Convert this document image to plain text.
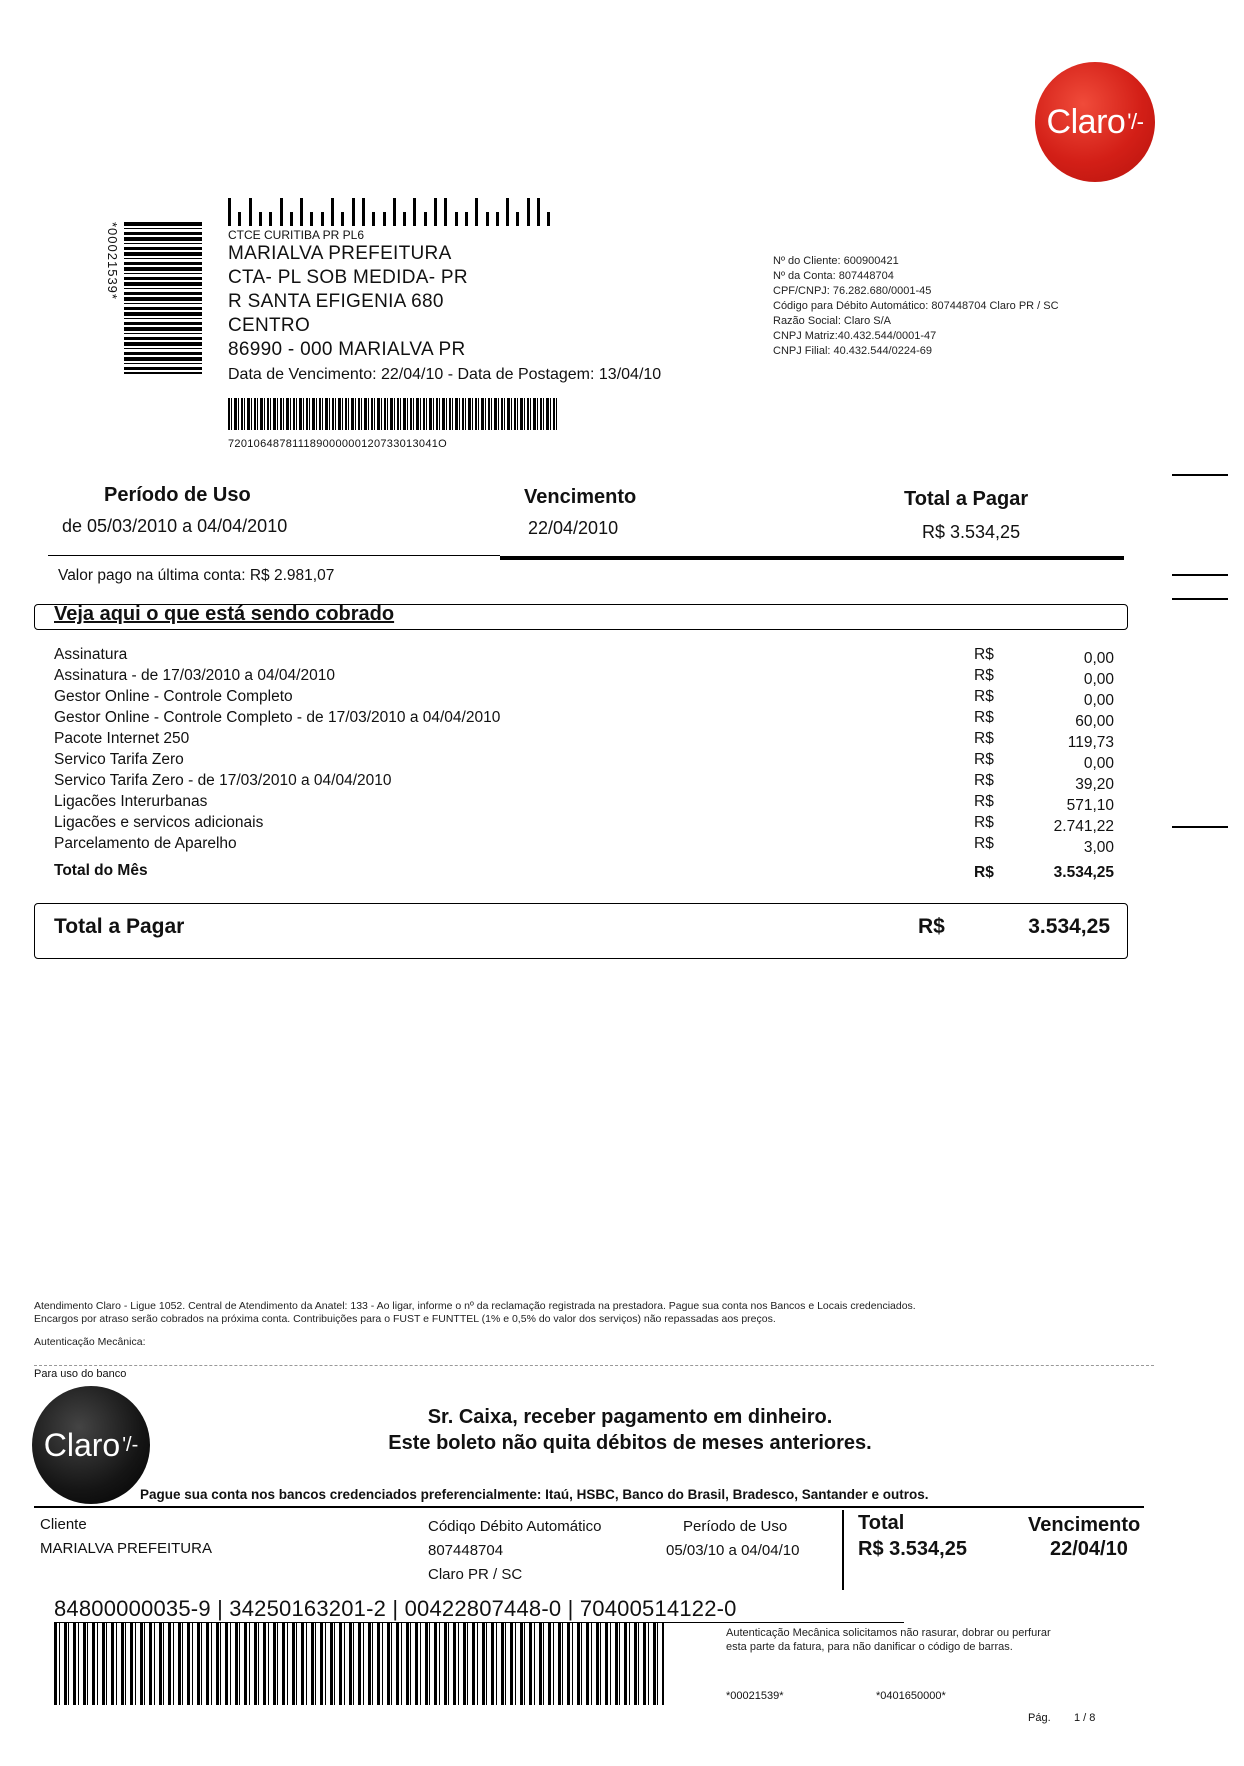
Claro '/-
*00021539*	CTCE CURITIBA PR PL6
MARIALVA PREFEITURA
CTA- PL SOB MEDIDA- PR
R SANTA EFIGENIA 680
CENTRO
86990 - 000 MARIALVA PR
Data de Vencimento: 22/04/10 - Data de Postagem: 13/04/10
720106487811189000000120733013041O
Nº do Cliente: 600900421
Nº da Conta: 807448704
CPF/CNPJ: 76.282.680/0001-45
Código para Débito Automático: 807448704 Claro PR / SC
Razão Social: Claro S/A
CNPJ Matriz:40.432.544/0001-47
CNPJ Filial: 40.432.544/0224-69
Período de Uso
de 05/03/2010 a 04/04/2010
Vencimento
22/04/2010
Total a Pagar
R$ 3.534,25
Valor pago na última conta: R$ 2.981,07
Veja aqui o que está sendo cobrado
Assinatura	R$	0,00
Assinatura - de 17/03/2010 a 04/04/2010	R$	0,00
Gestor Online - Controle Completo	R$	0,00
Gestor Online - Controle Completo - de 17/03/2010 a 04/04/2010	R$	60,00
Pacote Internet 250	R$	119,73
Servico Tarifa Zero	R$	0,00
Servico Tarifa Zero - de 17/03/2010 a 04/04/2010	R$	39,20
Ligacões Interurbanas	R$	571,10
Ligacões e servicos adicionais	R$	2.741,22
Parcelamento de Aparelho	R$	3,00
Total do Mês	R$	3.534,25
Total a Pagar	R$	3.534,25
Atendimento Claro - Ligue 1052. Central de Atendimento da Anatel: 133 - Ao ligar, informe o nº da reclamação registrada na prestadora. Pague sua conta nos Bancos e Locais credenciados.
Encargos por atraso serão cobrados na próxima conta. Contribuições para o FUST e FUNTTEL (1% e 0,5% do valor dos serviços) não repassadas aos preços.
Autenticação Mecânica:
Para uso do banco
Claro '/-
Sr. Caixa, receber pagamento em dinheiro.
Este boleto não quita débitos de meses anteriores.
Pague sua conta nos bancos credenciados preferencialmente: Itaú, HSBC, Banco do Brasil, Bradesco, Santander e outros.
Cliente
MARIALVA PREFEITURA
Códiqo Débito Automático
807448704
Claro PR / SC
Período de Uso
05/03/10 a 04/04/10
Total
R$ 3.534,25
Vencimento
22/04/10
84800000035-9 | 34250163201-2 | 00422807448-0 | 70400514122-0
Autenticação Mecânica solicitamos não rasurar, dobrar ou perfurar
esta parte da fatura, para não danificar o código de barras.
*00021539*	*0401650000*
Pág. 1 / 8
